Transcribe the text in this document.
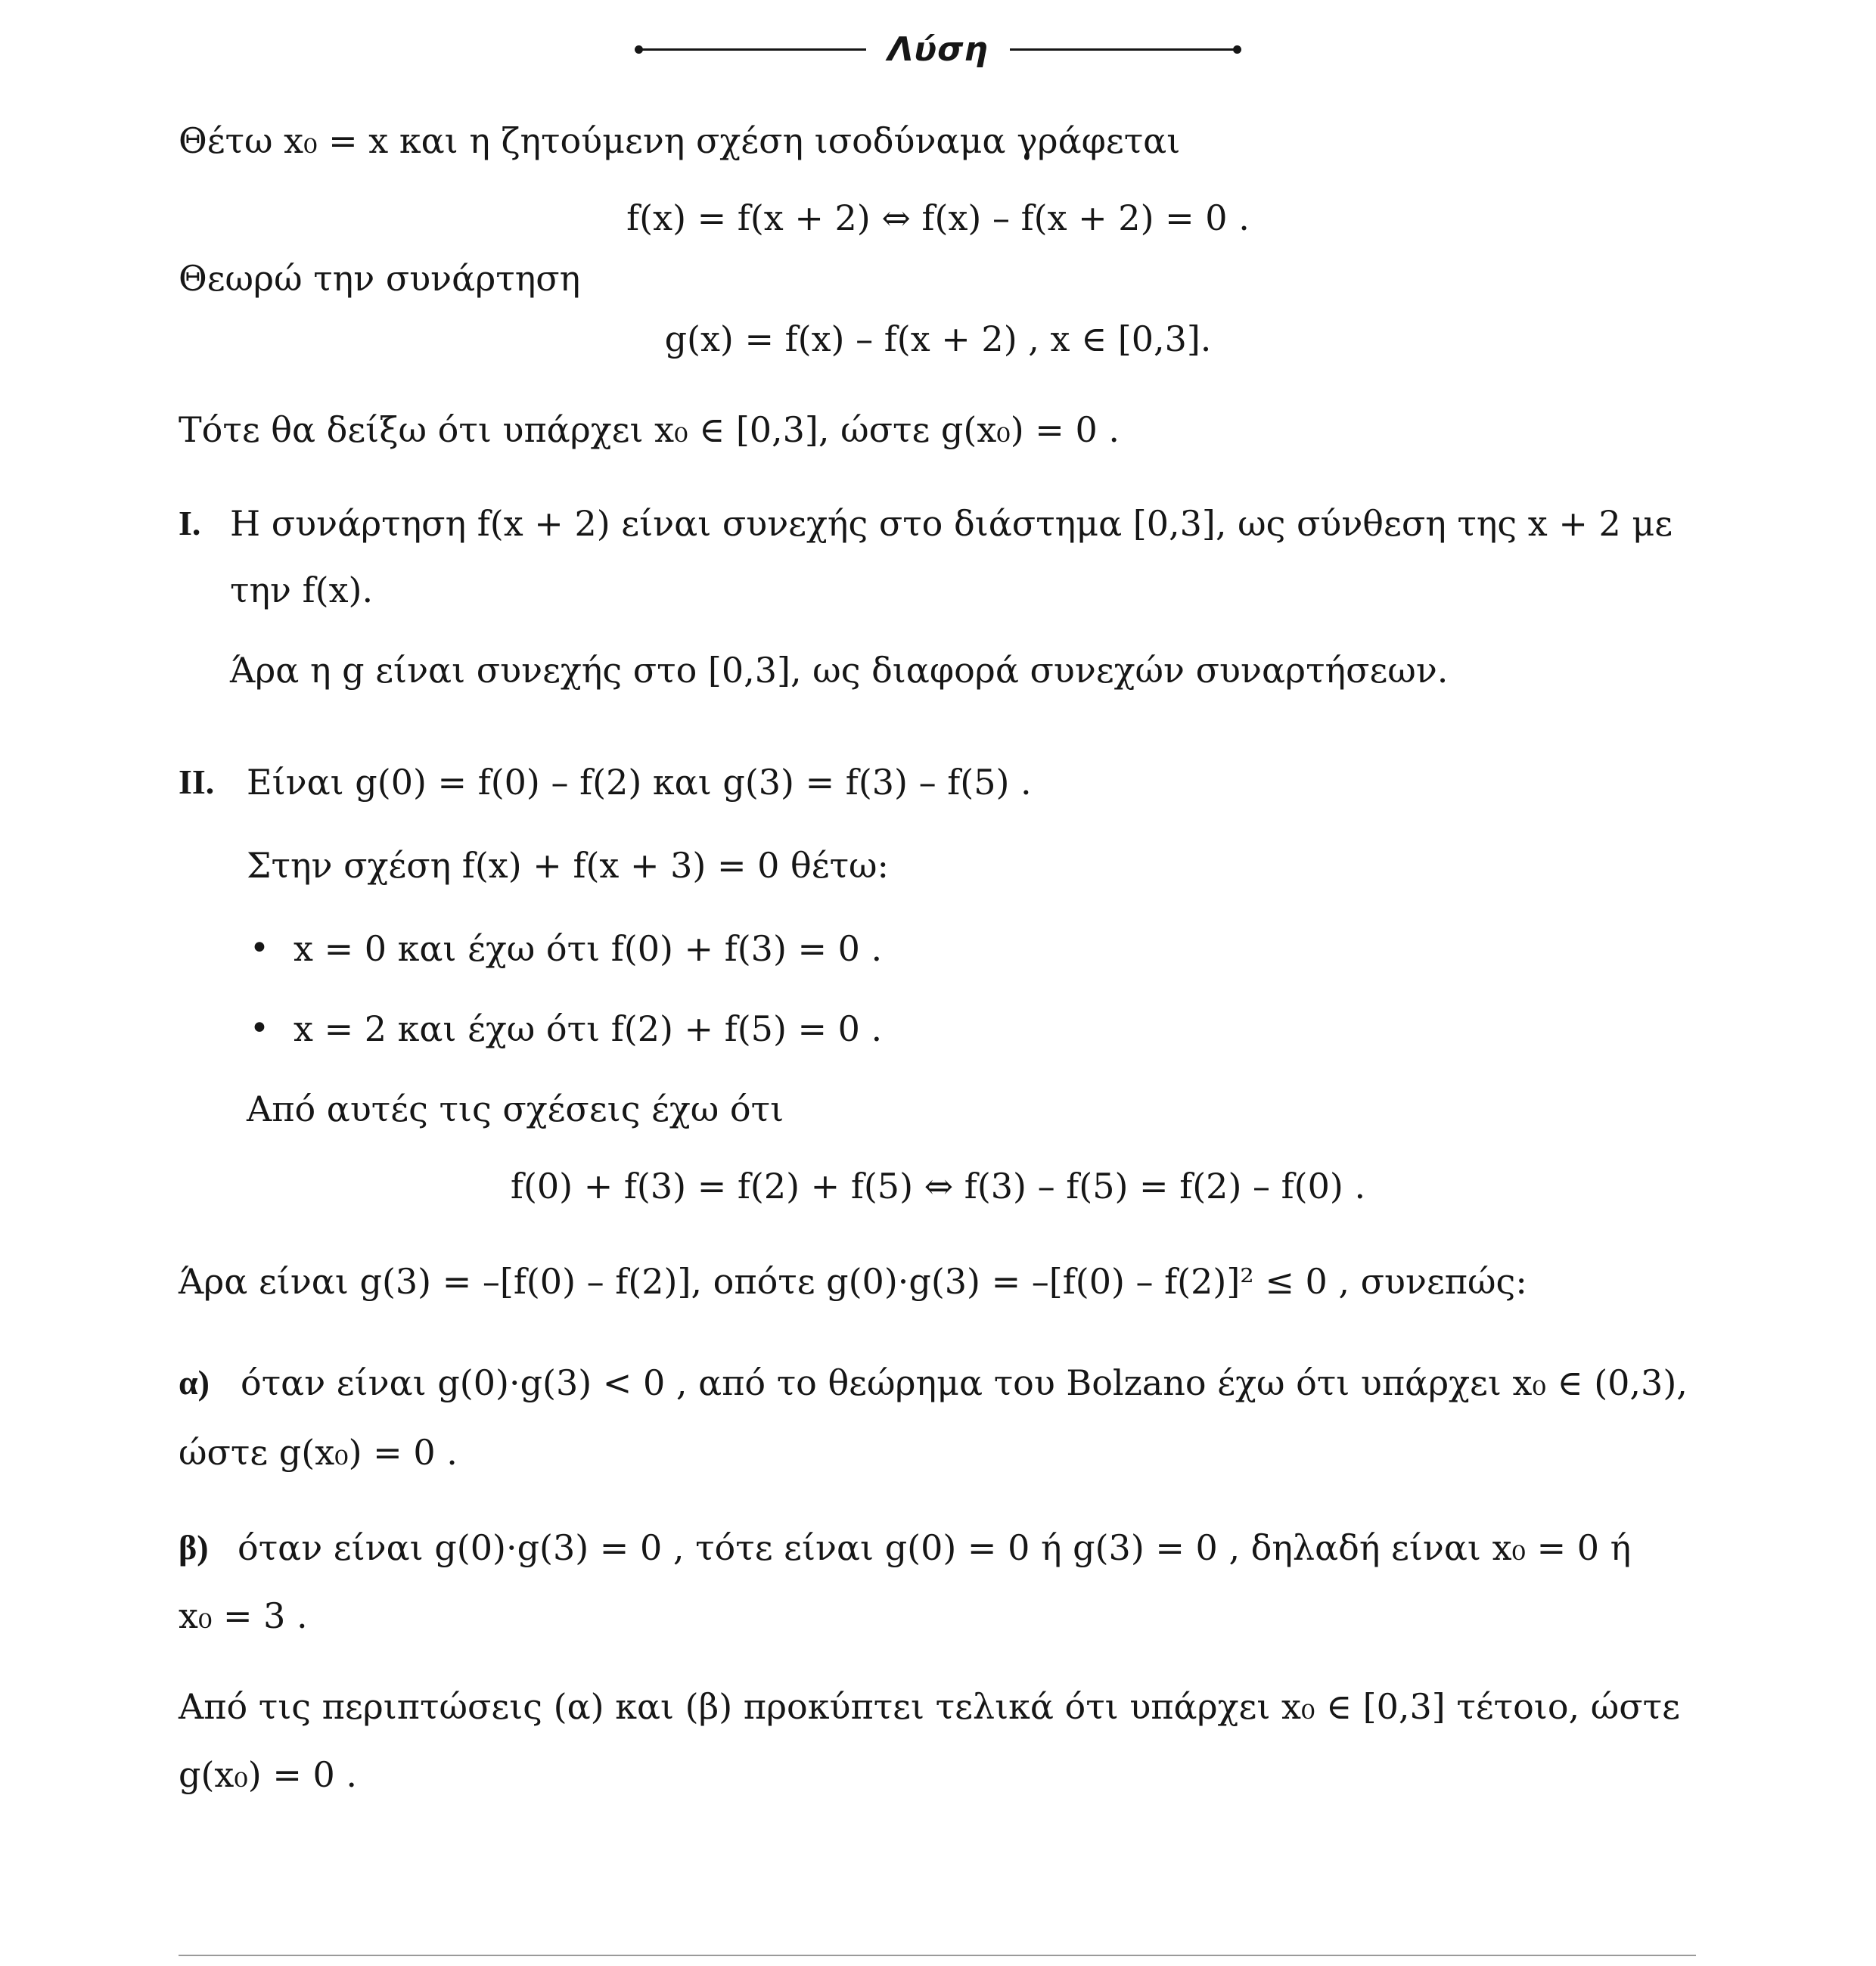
Λύση
Θέτω x₀ = x και η ζητούμενη σχέση ισοδύναμα γράφεται
f(x) = f(x + 2) ⇔ f(x) – f(x + 2) = 0 .
Θεωρώ την συνάρτηση
g(x) = f(x) – f(x + 2) , x ∈ [0,3].
Τότε θα δείξω ότι υπάρχει x₀ ∈ [0,3], ώστε g(x₀) = 0 .
I. Η συνάρτηση f(x + 2) είναι συνεχής στο διάστημα [0,3], ως σύνθεση της x + 2 με
την f(x).
Άρα η g είναι συνεχής στο [0,3], ως διαφορά συνεχών συναρτήσεων.
II. Είναι g(0) = f(0) – f(2) και g(3) = f(3) – f(5) .
Στην σχέση f(x) + f(x + 3) = 0 θέτω:
• x = 0 και έχω ότι f(0) + f(3) = 0 .
• x = 2 και έχω ότι f(2) + f(5) = 0 .
Από αυτές τις σχέσεις έχω ότι
f(0) + f(3) = f(2) + f(5) ⇔ f(3) – f(5) = f(2) – f(0) .
Άρα είναι g(3) = –[f(0) – f(2)], οπότε g(0)·g(3) = –[f(0) – f(2)]² ≤ 0 , συνεπώς:
α) όταν είναι g(0)·g(3) < 0 , από το θεώρημα του Bolzano έχω ότι υπάρχει x₀ ∈ (0,3),
ώστε g(x₀) = 0 .
β) όταν είναι g(0)·g(3) = 0 , τότε είναι g(0) = 0 ή g(3) = 0 , δηλαδή είναι x₀ = 0 ή
x₀ = 3 .
Από τις περιπτώσεις (α) και (β) προκύπτει τελικά ότι υπάρχει x₀ ∈ [0,3] τέτοιο, ώστε
g(x₀) = 0 .
